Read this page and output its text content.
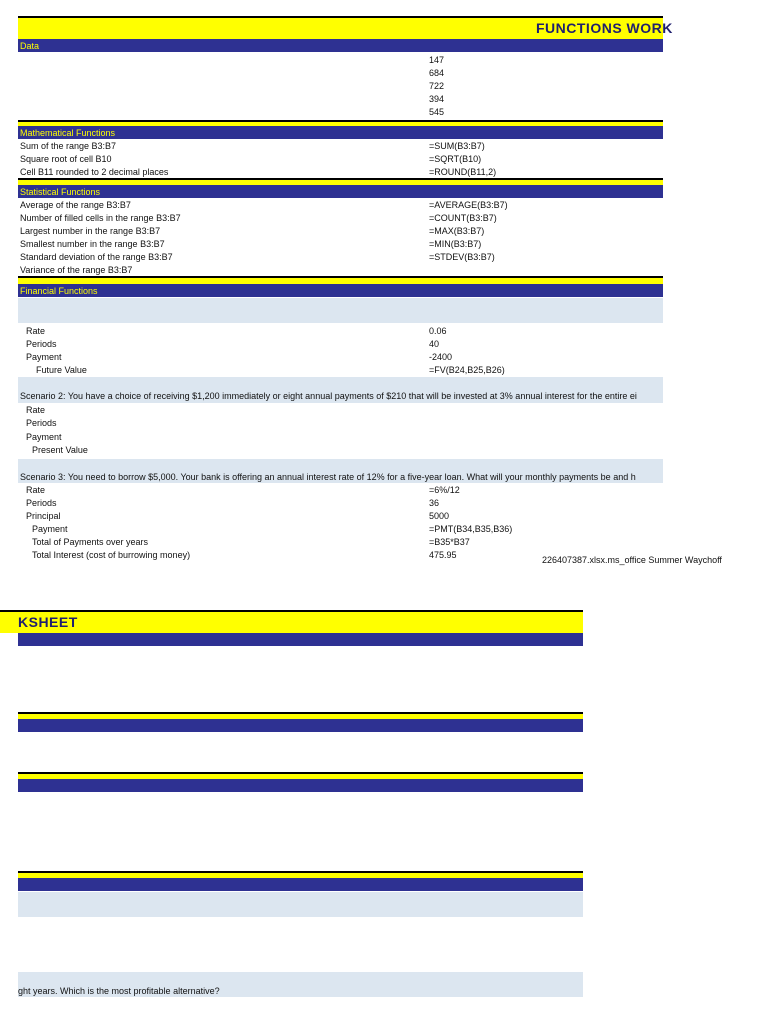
FUNCTIONS WORK
Data
147
684
722
394
545
Mathematical Functions
Sum of the range B3:B7	=SUM(B3:B7)
Square root of cell B10	=SQRT(B10)
Cell B11 rounded to 2 decimal places	=ROUND(B11,2)
Statistical Functions
Average of the range B3:B7	=AVERAGE(B3:B7)
Number of filled cells in the range B3:B7	=COUNT(B3:B7)
Largest number in the range B3:B7	=MAX(B3:B7)
Smallest number in the range B3:B7	=MIN(B3:B7)
Standard deviation of the range B3:B7	=STDEV(B3:B7)
Variance of the range B3:B7
Financial Functions
Rate	0.06
Periods	40
Payment	-2400
Future Value	=FV(B24,B25,B26)
Scenario 2: You have a choice of receiving $1,200 immediately or eight annual payments of $210 that will be invested at 3% annual interest for the entire ei
Rate
Periods
Payment
Present Value
Scenario 3: You need to borrow $5,000. Your bank is offering an annual interest rate of 12% for a five-year loan. What will your monthly payments be and h
Rate	=6%/12
Periods	36
Principal	5000
Payment	=PMT(B34,B35,B36)
Total of Payments over years	=B35*B37
Total Interest (cost of burrowing money)	475.95	226407387.xlsx.ms_office Summer Waychoff
KSHEET
ght years. Which is the most profitable alternative?
